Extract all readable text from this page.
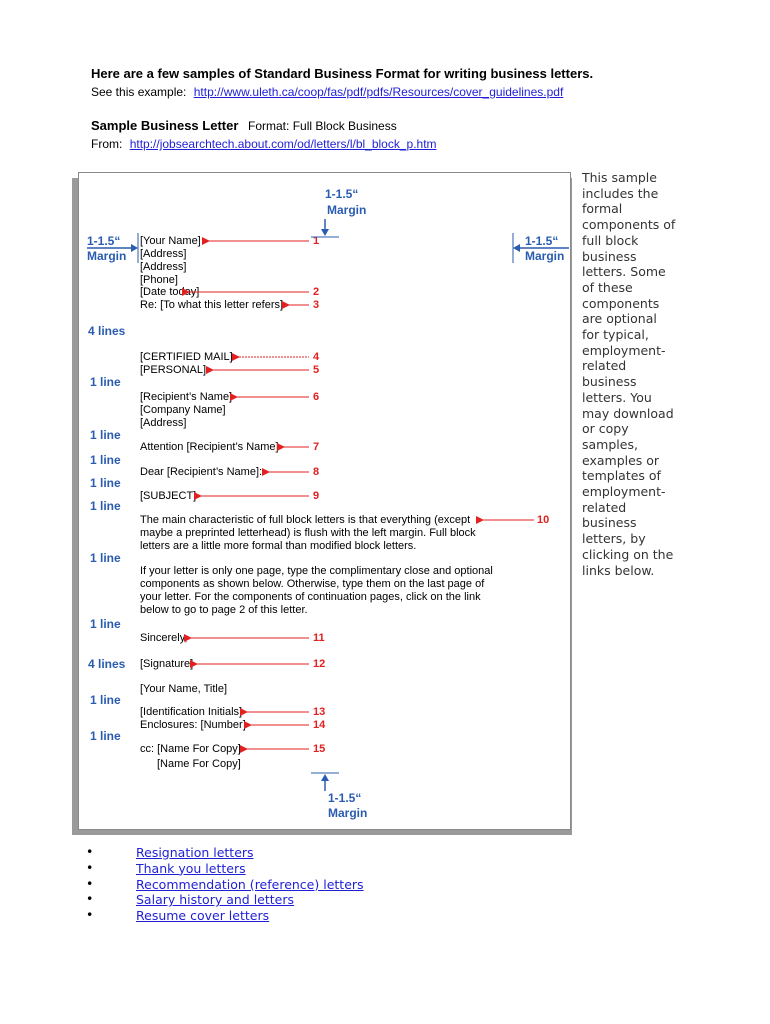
Here are a few samples of Standard Business Format for writing business letters.
See this example: http://www.uleth.ca/coop/fas/pdf/pdfs/Resources/cover_guidelines.pdf
Sample Business Letter Format: Full Block Business
From: http://jobsearchtech.about.com/od/letters/l/bl_block_p.htm
1-1.5“
Margin
1-1.5“
Margin
1-1.5“
Margin
1-1.5“
Margin
4 lines
1 line
1 line
1 line
1 line
1 line
1 line
1 line
4 lines
1 line
1 line
[Your Name]
[Address]
[Address]
[Phone]
[Date today]
Re: [To what this letter refers]
[CERTIFIED MAIL]
[PERSONAL]
[Recipient’s Name]
[Company Name]
[Address]
Attention [Recipient’s Name]
Dear [Recipient’s Name]:
[SUBJECT]
The main characteristic of full block letters is that everything (except
maybe a preprinted letterhead) is flush with the left margin. Full block
letters are a little more formal than modified block letters.
If your letter is only one page, type the complimentary close and optional
components as shown below. Otherwise, type them on the last page of
your letter. For the components of continuation pages, click on the link
below to go to page 2 of this letter.
Sincerely,
[Signature]
[Your Name, Title]
[Identification Initials]
Enclosures: [Number]
cc: [Name For Copy]
[Name For Copy]
1
2
3
4
5
6
7
8
9
10
11
12
13
14
15
This sample
includes the
formal
components of
full block
business
letters. Some
of these
components
are optional
for typical,
employment-
related
business
letters. You
may download
or copy
samples,
examples or
templates of
employment-
related
business
letters, by
clicking on the
links below.
•	Resignation letters
•	Thank you letters
•	Recommendation (reference) letters
•	Salary history and letters
•	Resume cover letters
